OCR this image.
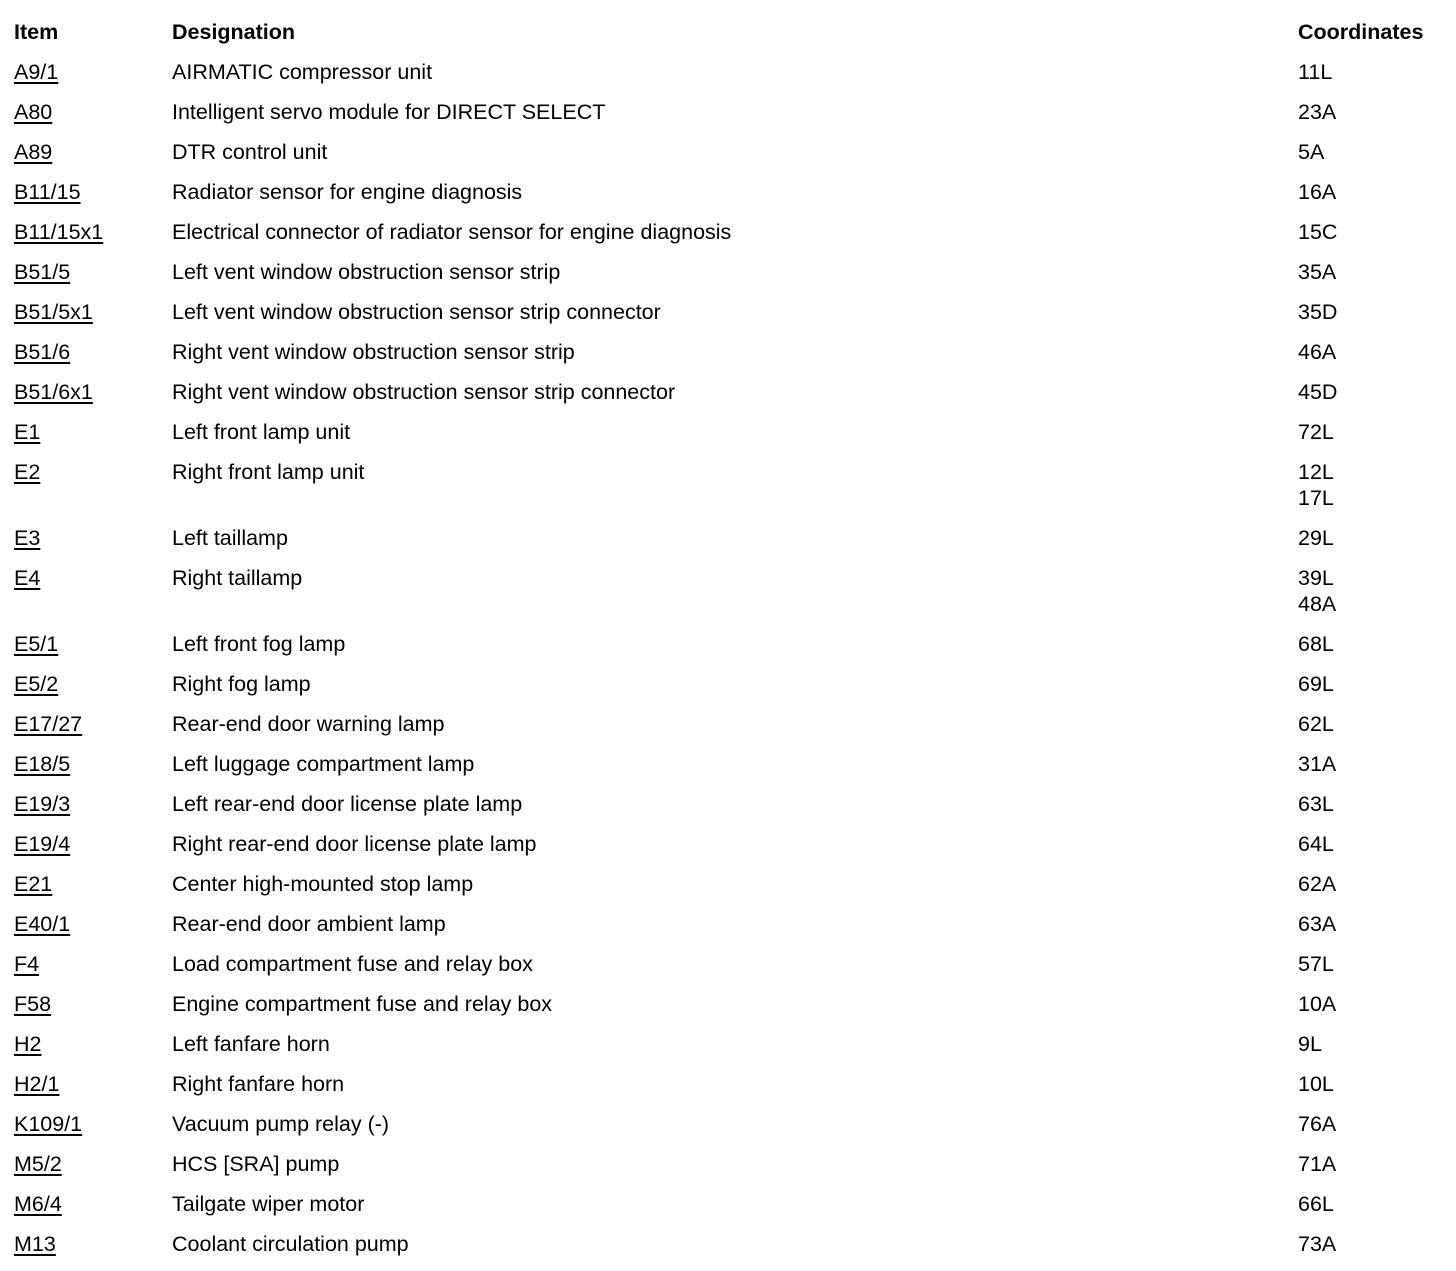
Item	Designation	Coordinates
A9/1	AIRMATIC compressor unit	11L
A80	Intelligent servo module for DIRECT SELECT	23A
A89	DTR control unit	5A
B11/15	Radiator sensor for engine diagnosis	16A
B11/15x1	Electrical connector of radiator sensor for engine diagnosis	15C
B51/5	Left vent window obstruction sensor strip	35A
B51/5x1	Left vent window obstruction sensor strip connector	35D
B51/6	Right vent window obstruction sensor strip	46A
B51/6x1	Right vent window obstruction sensor strip connector	45D
E1	Left front lamp unit	72L
E2	Right front lamp unit	12L
17L
E3	Left taillamp	29L
E4	Right taillamp	39L
48A
E5/1	Left front fog lamp	68L
E5/2	Right fog lamp	69L
E17/27	Rear-end door warning lamp	62L
E18/5	Left luggage compartment lamp	31A
E19/3	Left rear-end door license plate lamp	63L
E19/4	Right rear-end door license plate lamp	64L
E21	Center high-mounted stop lamp	62A
E40/1	Rear-end door ambient lamp	63A
F4	Load compartment fuse and relay box	57L
F58	Engine compartment fuse and relay box	10A
H2	Left fanfare horn	9L
H2/1	Right fanfare horn	10L
K109/1	Vacuum pump relay (-)	76A
M5/2	HCS [SRA] pump	71A
M6/4	Tailgate wiper motor	66L
M13	Coolant circulation pump	73A
